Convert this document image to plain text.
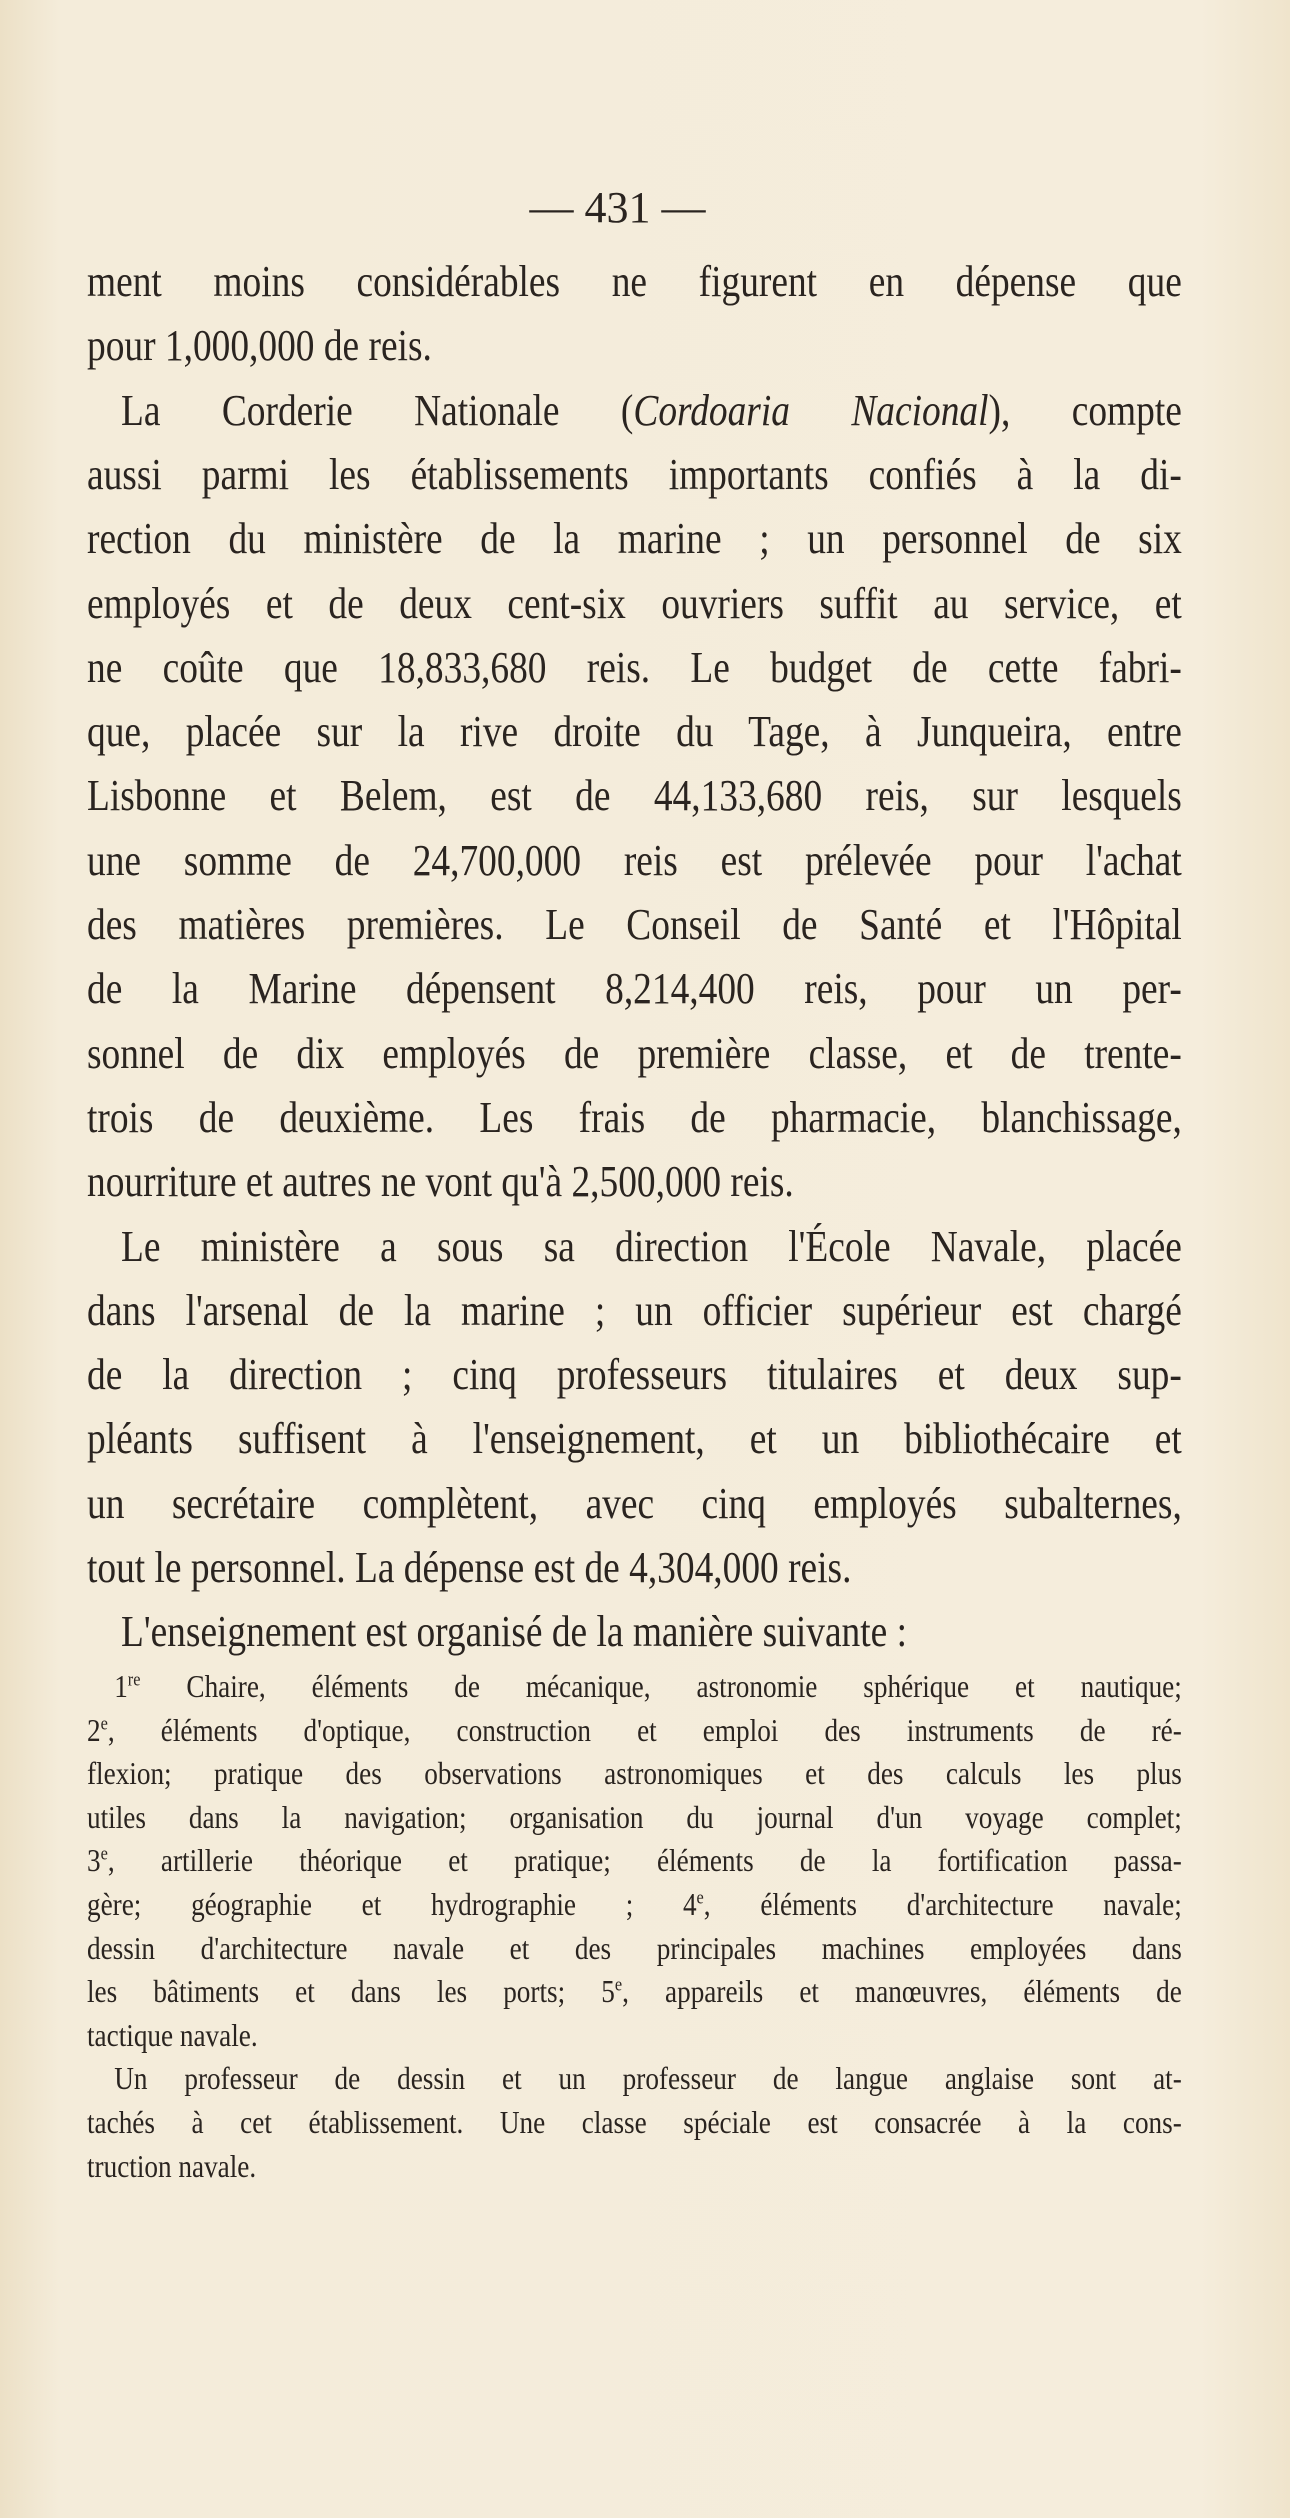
— 431 —
ment moins considérables ne figurent en dépense que
pour 1,000,000 de reis.
La Corderie Nationale (Cordoaria Nacional), compte
aussi parmi les établissements importants confiés à la di-
rection du ministère de la marine ; un personnel de six
employés et de deux cent-six ouvriers suffit au service, et
ne coûte que 18,833,680 reis. Le budget de cette fabri-
que, placée sur la rive droite du Tage, à Junqueira, entre
Lisbonne et Belem, est de 44,133,680 reis, sur lesquels
une somme de 24,700,000 reis est prélevée pour l'achat
des matières premières. Le Conseil de Santé et l'Hôpital
de la Marine dépensent 8,214,400 reis, pour un per-
sonnel de dix employés de première classe, et de trente-
trois de deuxième. Les frais de pharmacie, blanchissage,
nourriture et autres ne vont qu'à 2,500,000 reis.
Le ministère a sous sa direction l'École Navale, placée
dans l'arsenal de la marine ; un officier supérieur est chargé
de la direction ; cinq professeurs titulaires et deux sup-
pléants suffisent à l'enseignement, et un bibliothécaire et
un secrétaire complètent, avec cinq employés subalternes,
tout le personnel. La dépense est de 4,304,000 reis.
L'enseignement est organisé de la manière suivante :
1re Chaire, éléments de mécanique, astronomie sphérique et nautique;
2e, éléments d'optique, construction et emploi des instruments de ré-
flexion; pratique des observations astronomiques et des calculs les plus
utiles dans la navigation; organisation du journal d'un voyage complet;
3e, artillerie théorique et pratique; éléments de la fortification passa-
gère; géographie et hydrographie ; 4e, éléments d'architecture navale;
dessin d'architecture navale et des principales machines employées dans
les bâtiments et dans les ports; 5e, appareils et manœuvres, éléments de
tactique navale.
Un professeur de dessin et un professeur de langue anglaise sont at-
tachés à cet établissement. Une classe spéciale est consacrée à la cons-
truction navale.
